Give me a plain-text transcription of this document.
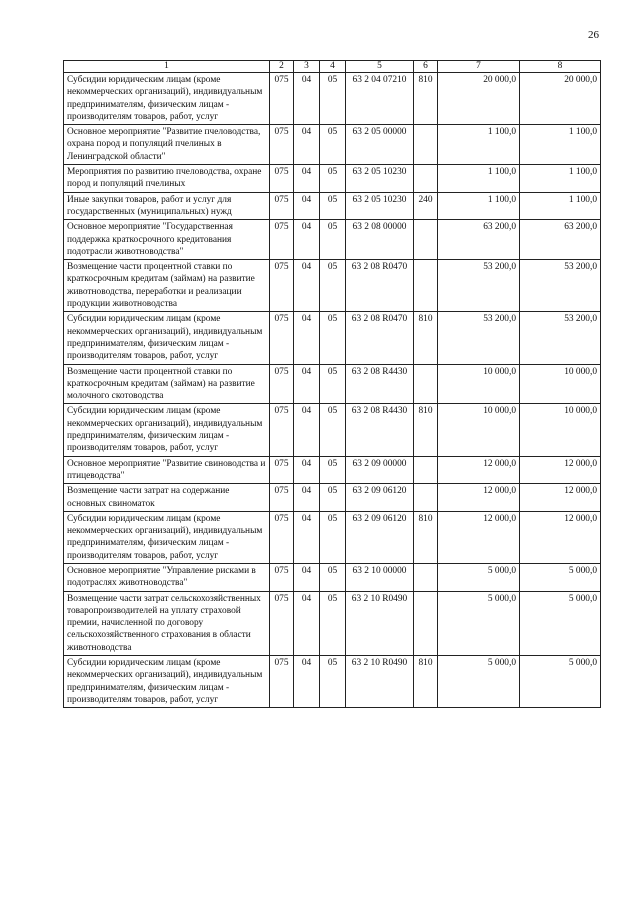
26
1	2	3	4	5	6	7	8
Субсидии юридическим лицам (кроме некоммерческих организаций), индивидуальным предпринимателям, физическим лицам - производителям товаров, работ, услуг	075	04	05	63 2 04 07210	810	20 000,0	20 000,0
Основное мероприятие "Развитие пчеловодства, охрана пород и популяций пчелиных в Ленинградской области"	075	04	05	63 2 05 00000		1 100,0	1 100,0
Мероприятия по развитию пчеловодства, охране пород и популяций пчелиных	075	04	05	63 2 05 10230		1 100,0	1 100,0
Иные закупки товаров, работ и услуг для государственных (муниципальных) нужд	075	04	05	63 2 05 10230	240	1 100,0	1 100,0
Основное мероприятие "Государственная поддержка краткосрочного кредитования подотрасли животноводства"	075	04	05	63 2 08 00000		63 200,0	63 200,0
Возмещение части процентной ставки по краткосрочным кредитам (займам) на развитие животноводства, переработки и реализации продукции животноводства	075	04	05	63 2 08 R0470		53 200,0	53 200,0
Субсидии юридическим лицам (кроме некоммерческих организаций), индивидуальным предпринимателям, физическим лицам - производителям товаров, работ, услуг	075	04	05	63 2 08 R0470	810	53 200,0	53 200,0
Возмещение части процентной ставки по краткосрочным кредитам (займам) на развитие молочного скотоводства	075	04	05	63 2 08 R4430		10 000,0	10 000,0
Субсидии юридическим лицам (кроме некоммерческих организаций), индивидуальным предпринимателям, физическим лицам - производителям товаров, работ, услуг	075	04	05	63 2 08 R4430	810	10 000,0	10 000,0
Основное мероприятие "Развитие свиноводства и птицеводства"	075	04	05	63 2 09 00000		12 000,0	12 000,0
Возмещение части затрат на содержание основных свиноматок	075	04	05	63 2 09 06120		12 000,0	12 000,0
Субсидии юридическим лицам (кроме некоммерческих организаций), индивидуальным предпринимателям, физическим лицам - производителям товаров, работ, услуг	075	04	05	63 2 09 06120	810	12 000,0	12 000,0
Основное мероприятие "Управление рисками в подотраслях животноводства"	075	04	05	63 2 10 00000		5 000,0	5 000,0
Возмещение части затрат сельскохозяйственных товаропроизводителей на уплату страховой премии, начисленной по договору сельскохозяйственного страхования в области животноводства	075	04	05	63 2 10 R0490		5 000,0	5 000,0
Субсидии юридическим лицам (кроме некоммерческих организаций), индивидуальным предпринимателям, физическим лицам - производителям товаров, работ, услуг	075	04	05	63 2 10 R0490	810	5 000,0	5 000,0
